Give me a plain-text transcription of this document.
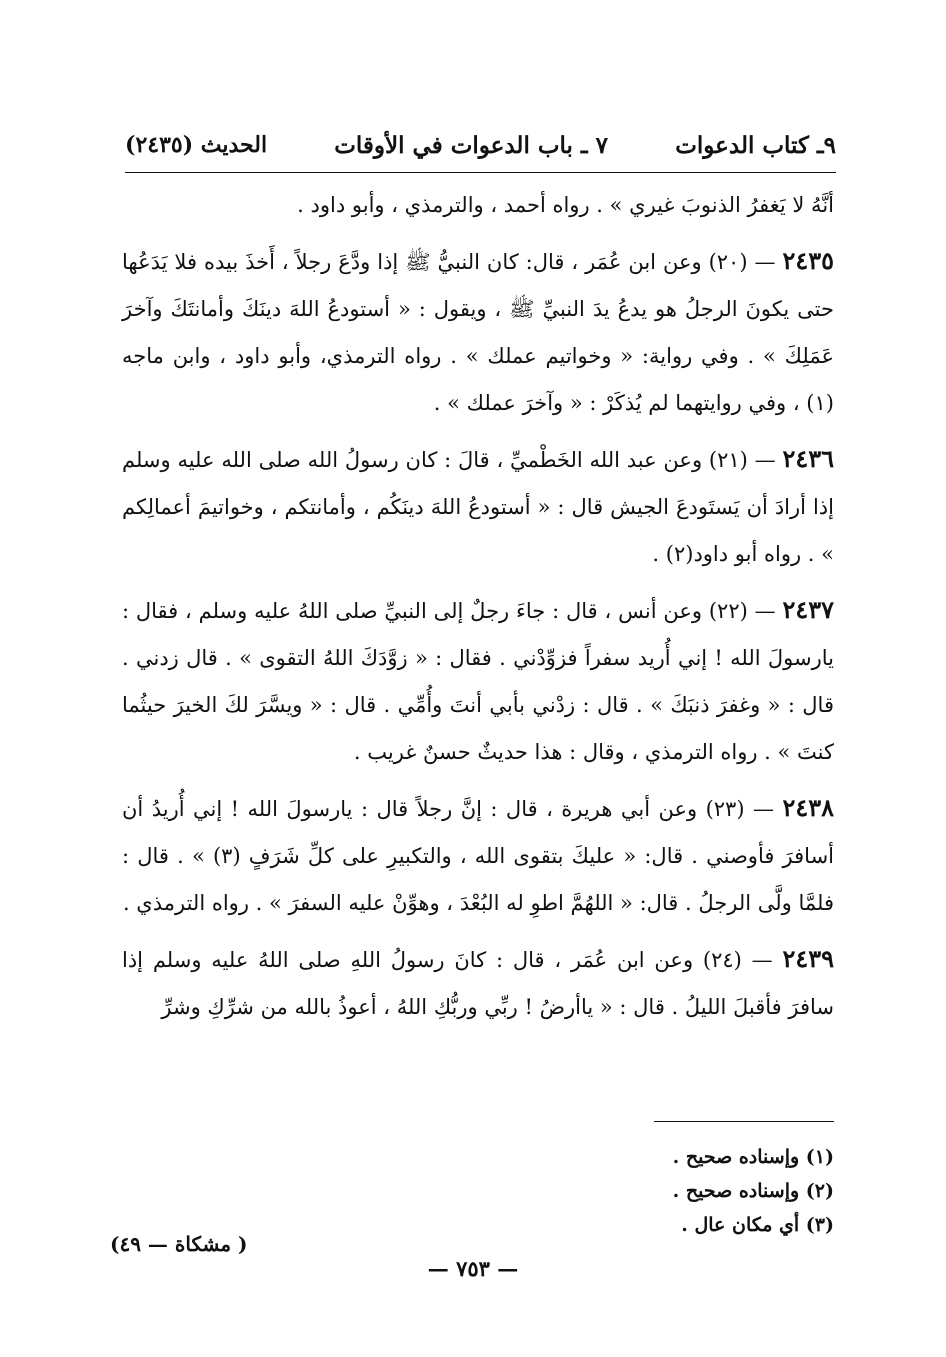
٩ـ كتاب الدعوات
٧ ـ باب الدعوات في الأوقات
الحديث (٢٤٣٥)

أنَّهُ لا يَغفرُ الذنوبَ غيري » . رواه أحمد ، والترمذي ، وأبو داود .

٢٤٣٥ — (٢٠) وعن ابن عُمَر ، قال: كان النبيُّ ﷺ إذا ودَّعَ رجلاً ، أَخذَ بيده فلا يَدَعُها حتى يكونَ الرجلُ هو يدعُ يدَ النبيِّ ﷺ ، ويقول : « أستودعُ اللهَ دينَكَ وأمانتَكَ وآخرَ عَمَلِكَ » . وفي رواية: « وخواتيم عملك » . رواه الترمذي، وأبو داود ، وابن ماجه (١) ، وفي روايتهما لم يُذكَرْ : « وآخرَ عملك » .

٢٤٣٦ — (٢١) وعن عبد الله الخَطْميِّ ، قالَ : كان رسولُ الله صلى الله عليه وسلم إذا أرادَ أن يَستَودعَ الجيش قال : « أستودعُ اللهَ دينَكُم ، وأمانتكم ، وخواتيمَ أعمالِكم » . رواه أبو داود(٢) .

٢٤٣٧ — (٢٢) وعن أنس ، قال : جاءَ رجلٌ إلى النبيِّ صلى اللهُ عليه وسلم ، فقال : يارسولَ الله ! إني أُريد سفراً فزوِّدْني . فقال : « زوَّدَكَ اللهُ التقوى » . قال زدني . قال : « وغفرَ ذنبَكَ » . قال : زدْني بأبي أنتَ وأُمِّي . قال : « ويسَّرَ لكَ الخيرَ حيثُما كنتَ » . رواه الترمذي ، وقال : هذا حديثٌ حسنٌ غريب .

٢٤٣٨ — (٢٣) وعن أبي هريرة ، قال : إنَّ رجلاً قال : يارسولَ الله ! إني أُريدُ أن أسافرَ فأوصني . قال: « عليكَ بتقوى الله ، والتكبيرِ على كلِّ شَرَفٍ (٣) » . قال : فلمَّا ولَّى الرجلُ . قال: « اللهُمَّ اطوِ له البُعْدَ ، وهوِّنْ عليه السفرَ » . رواه الترمذي .

٢٤٣٩ — (٢٤) وعن ابن عُمَر ، قال : كانَ رسولُ اللهِ صلى اللهُ عليه وسلم إذا سافرَ فأقبلَ الليلُ . قال : « ياأرضُ ! ربِّي وربُّكِ اللهُ ، أعوذُ بالله من شرِّكِ وشرِّ

(١) وإسناده صحيح .

(٢) وإسناده صحيح .

(٣) أي مكان عال .

( مشكاة — ٤٩)
— ٧٥٣ —
